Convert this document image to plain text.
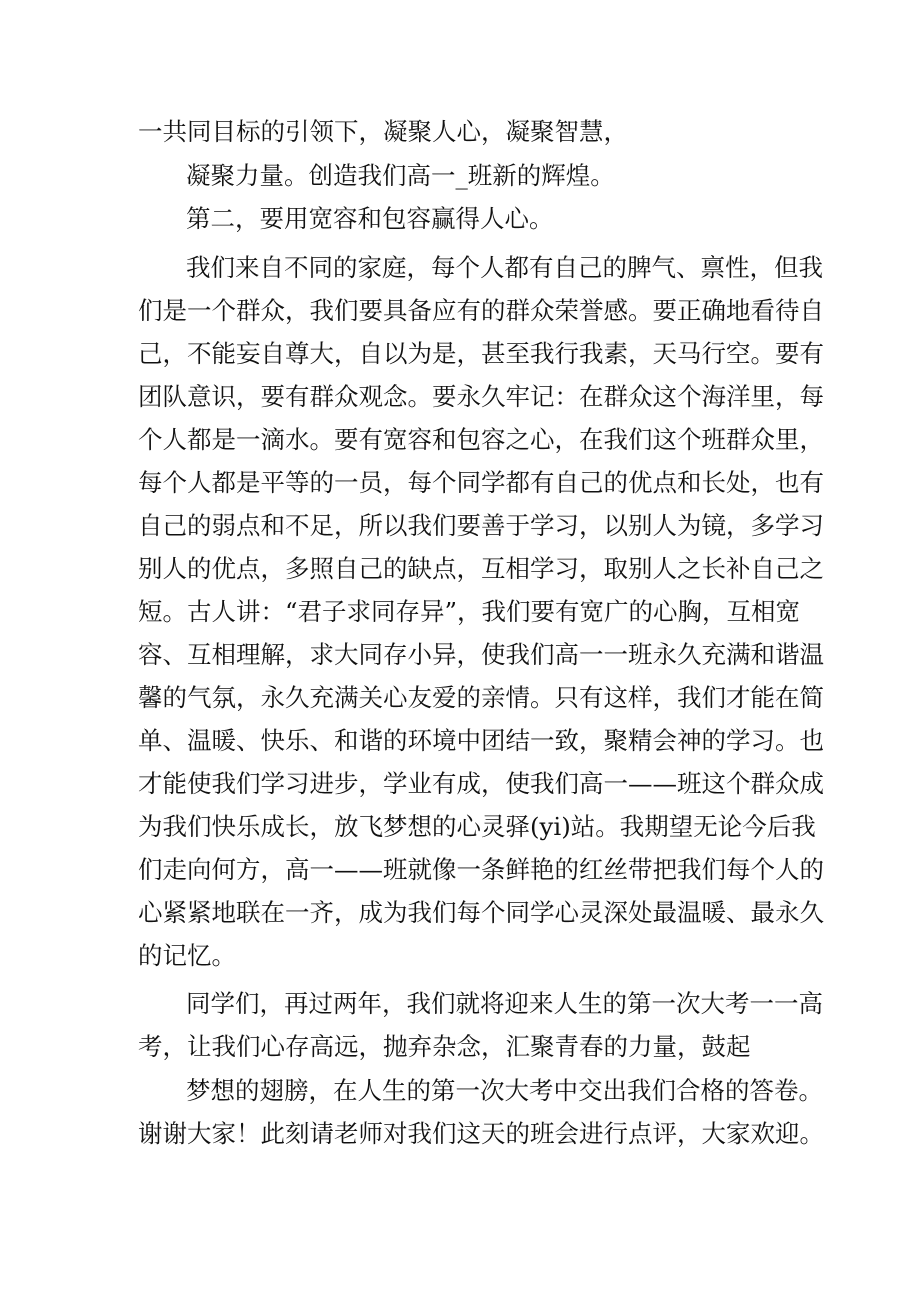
一共同目标的引领下，凝聚人心，凝聚智慧，
凝聚力量。创造我们高一_班新的辉煌。
第二，要用宽容和包容赢得人心。
我们来自不同的家庭，每个人都有自己的脾气、禀性，但我
们是一个群众，我们要具备应有的群众荣誉感。要正确地看待自
己，不能妄自尊大，自以为是，甚至我行我素，天马行空。要有
团队意识，要有群众观念。要永久牢记：在群众这个海洋里，每
个人都是一滴水。要有宽容和包容之心，在我们这个班群众里，
每个人都是平等的一员，每个同学都有自己的优点和长处，也有
自己的弱点和不足，所以我们要善于学习，以别人为镜，多学习
别人的优点，多照自己的缺点，互相学习，取别人之长补自己之
短。古人讲：“君子求同存异”，我们要有宽广的心胸，互相宽
容、互相理解，求大同存小异，使我们高一一班永久充满和谐温
馨的气氛，永久充满关心友爱的亲情。只有这样，我们才能在简
单、温暖、快乐、和谐的环境中团结一致，聚精会神的学习。也
才能使我们学习进步，学业有成，使我们高一——班这个群众成
为我们快乐成长，放飞梦想的心灵驿(yi)站。我期望无论今后我
们走向何方，高一——班就像一条鲜艳的红丝带把我们每个人的
心紧紧地联在一齐，成为我们每个同学心灵深处最温暖、最永久
的记忆。
同学们，再过两年，我们就将迎来人生的第一次大考一一高
考，让我们心存高远，抛弃杂念，汇聚青春的力量，鼓起
梦想的翅膀，在人生的第一次大考中交出我们合格的答卷。
谢谢大家！此刻请老师对我们这天的班会进行点评，大家欢迎。
